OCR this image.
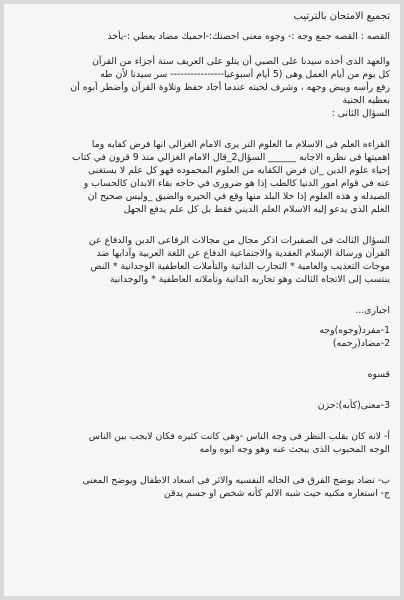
تجميع الامتحان بالترتيب
القصه : القصه جمع وجه :- وجوه معنى احصنك:-احميك مضاد يعطي :-يأخذ
والعهد الذى أخذه سيدنا على الصبي أن يتلو على العريف ستة أجزاء من القرآن
كل يوم من أيام العمل وهى (5 أيام أسبوعيا---------------- سر سيدنا لأن طه
رفع رأسه وبيض وجهه ، وشرف لحيته عندما أجاد حفظ وتلاوة القرآن وأضطر أبوه أن
بعطيه الجنية
السؤال الثانى :
القراءه العلم فى الاسلام ما العلوم التر يرى الامام الغزالى انها فرض كفايه وما
اهميتها فى نظره الاجابه ______ السؤال2_قال الامام الغزالي منذ 9 قرون في كتاب
إحياء علوم الدين _ان فرض الكفايه من العلوم المحموده فهو كل علم لا يستغنى
عنه في قوام امور الدنيا كالطب إذا هو ضرورى في حاجه بقاء الابدان كالحساب و
الصيدله و هذه العلوم إذا خلا البلد منها وقع في الحيره والضيق _وليس صحيح ان
العلم الذي يدعو إليه الاسلام العلم الديني فقط بل كل علم يدفع الجهل
السؤال الثالث فى الصفيرات اذكر مجال من مجالات الرفاعى الدين والدفاع عن
القرآن ورسالة الإسلام العقدية والاجتماعية الدفاع عن اللغة العربية وآدابها ضد
موجات التعذيب والعامية * التجارب الذاتية والتأملات العاطفية الوجدانية * النص
ينتسب إلى الاتجاه الثالث وهو تجاربه الذاتية وتأملاته العاطفية * والوجدانية
اجبارى...
1-مفرد(وجوه)وجه
2-مضاد(رحمه)
قسوه
3-معنى(كأبه):حزن
أ- لانه كان يقلب النظر فى وجه الناس -وهى كانت كثيره فكان لايجب بين الناس
الوجه المحبوب الذى يبحث عنه وهو وجه ابوه وامه
ب- تضاد يوضح الفرق فى الحاله النفسيه والاثر فى اسعاد الاطفال ويوضح المعنى
ج- استعاره مكنيه حيث شبه الالم كأنه شخص او جسم يدقن
